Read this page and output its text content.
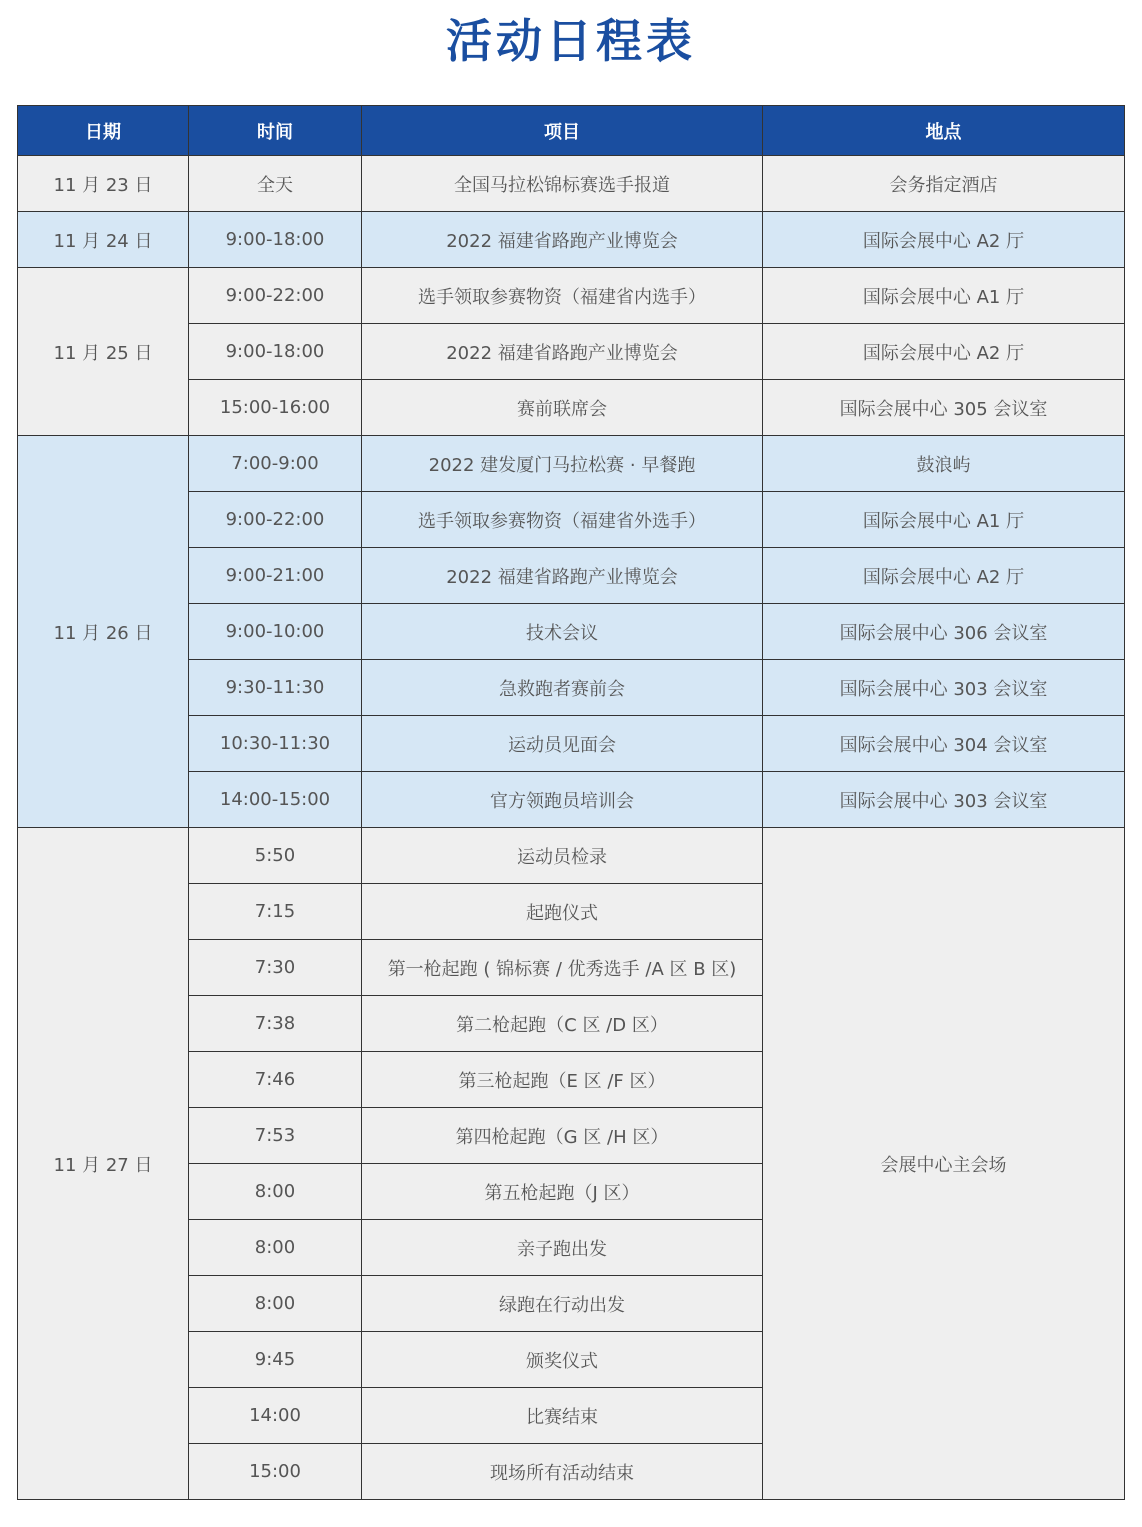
活动日程表
日期	时间	项目	地点
11 月 23 日	全天	全国马拉松锦标赛选手报道	会务指定酒店
11 月 24 日	9:00-18:00	2022 福建省路跑产业博览会	国际会展中心 A2 厅
11 月 25 日	9:00-22:00	选手领取参赛物资（福建省内选手）	国际会展中心 A1 厅
	9:00-18:00	2022 福建省路跑产业博览会	国际会展中心 A2 厅
	15:00-16:00	赛前联席会	国际会展中心 305 会议室
11 月 26 日	7:00-9:00	2022 建发厦门马拉松赛 · 早餐跑	鼓浪屿
	9:00-22:00	选手领取参赛物资（福建省外选手）	国际会展中心 A1 厅
	9:00-21:00	2022 福建省路跑产业博览会	国际会展中心 A2 厅
	9:00-10:00	技术会议	国际会展中心 306 会议室
	9:30-11:30	急救跑者赛前会	国际会展中心 303 会议室
	10:30-11:30	运动员见面会	国际会展中心 304 会议室
	14:00-15:00	官方领跑员培训会	国际会展中心 303 会议室
11 月 27 日	5:50	运动员检录	会展中心主会场
	7:15	起跑仪式	
	7:30	第一枪起跑 ( 锦标赛 / 优秀选手 /A 区 B 区)	
	7:38	第二枪起跑（C 区 /D 区）	
	7:46	第三枪起跑（E 区 /F 区）	
	7:53	第四枪起跑（G 区 /H 区）	
	8:00	第五枪起跑（J 区）	
	8:00	亲子跑出发	
	8:00	绿跑在行动出发	
	9:45	颁奖仪式	
	14:00	比赛结束	
	15:00	现场所有活动结束	
